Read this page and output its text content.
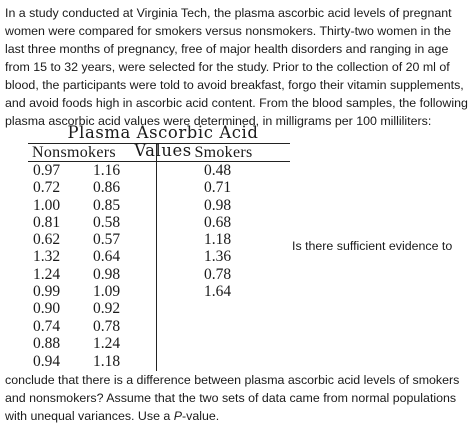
In a study conducted at Virginia Tech, the plasma ascorbic acid levels of pregnant women were compared for smokers versus nonsmokers. Thirty-two women in the last three months of pregnancy, free of major health disorders and ranging in age from 15 to 32 years, were selected for the study. Prior to the collection of 20 ml of blood, the participants were told to avoid breakfast, forgo their vitamin supplements, and avoid foods high in ascorbic acid content. From the blood samples, the following plasma ascorbic acid values were determined, in milligrams per 100 milliliters:

Plasma Ascorbic Acid Values
Nonsmokers		Smokers
0.97	1.16	0.48
0.72	0.86	0.71
1.00	0.85	0.98
0.81	0.58	0.68
0.62	0.57	1.18
1.32	0.64	1.36
1.24	0.98	0.78
0.99	1.09	1.64
0.90	0.92	
0.74	0.78	
0.88	1.24	
0.94	1.18	

Is there sufficient evidence to

conclude that there is a difference between plasma ascorbic acid levels of smokers and nonsmokers? Assume that the two sets of data came from normal populations with unequal variances. Use a P-value.
